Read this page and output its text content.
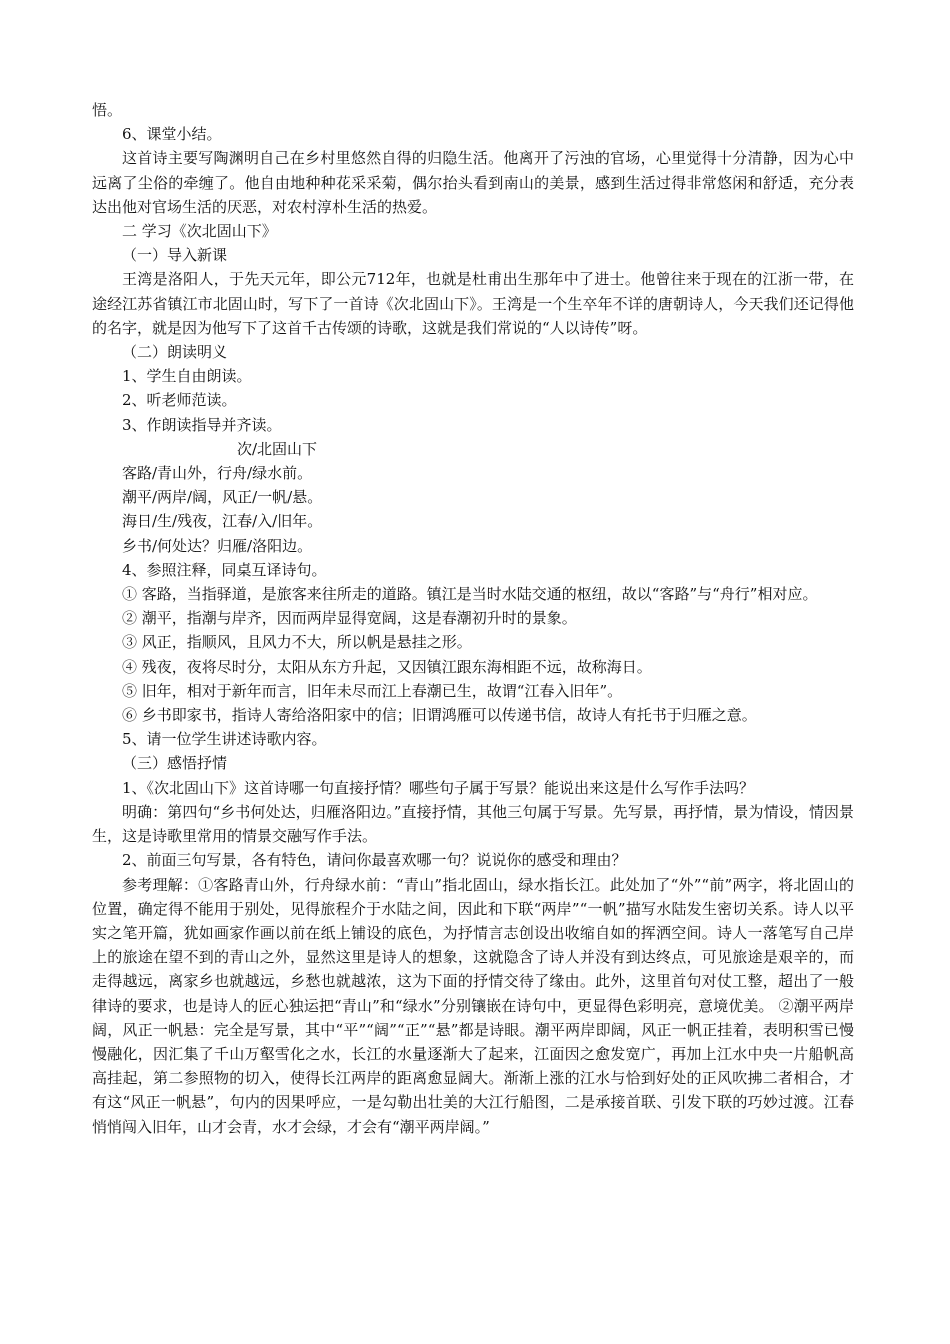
悟。

6、课堂小结。

这首诗主要写陶渊明自己在乡村里悠然自得的归隐生活。他离开了污浊的官场，心里觉得十分清静，因为心中远离了尘俗的牵缠了。他自由地种种花采采菊，偶尔抬头看到南山的美景，感到生活过得非常悠闲和舒适，充分表达出他对官场生活的厌恶，对农村淳朴生活的热爱。

二 学习《次北固山下》

（一）导入新课

王湾是洛阳人，于先天元年，即公元712年，也就是杜甫出生那年中了进士。他曾往来于现在的江浙一带，在途经江苏省镇江市北固山时，写下了一首诗《次北固山下》。王湾是一个生卒年不详的唐朝诗人，今天我们还记得他的名字，就是因为他写下了这首千古传颂的诗歌，这就是我们常说的“人以诗传”呀。

（二）朗读明义

1、学生自由朗读。

2、听老师范读。

3、作朗读指导并齐读。

次/北固山下

客路/青山外，行舟/绿水前。

潮平/两岸/阔，风正/一帆/悬。

海日/生/残夜，江春/入/旧年。

乡书/何处达？归雁/洛阳边。

4、参照注释，同桌互译诗句。

① 客路，当指驿道，是旅客来往所走的道路。镇江是当时水陆交通的枢纽，故以“客路”与“舟行”相对应。

② 潮平，指潮与岸齐，因而两岸显得宽阔，这是春潮初升时的景象。

③ 风正，指顺风，且风力不大，所以帆是悬挂之形。

④ 残夜，夜将尽时分，太阳从东方升起，又因镇江跟东海相距不远，故称海日。

⑤ 旧年，相对于新年而言，旧年未尽而江上春潮已生，故谓“江春入旧年”。

⑥ 乡书即家书，指诗人寄给洛阳家中的信；旧谓鸿雁可以传递书信，故诗人有托书于归雁之意。

5、请一位学生讲述诗歌内容。

（三）感悟抒情

1、《次北固山下》这首诗哪一句直接抒情？哪些句子属于写景？能说出来这是什么写作手法吗？

明确：第四句“乡书何处达，归雁洛阳边。”直接抒情，其他三句属于写景。先写景，再抒情，景为情设，情因景生，这是诗歌里常用的情景交融写作手法。

2、前面三句写景，各有特色，请问你最喜欢哪一句？说说你的感受和理由？

参考理解：①客路青山外，行舟绿水前：“青山”指北固山，绿水指长江。此处加了“外”“前”两字，将北固山的位置，确定得不能用于别处，见得旅程介于水陆之间，因此和下联“两岸”“一帆”描写水陆发生密切关系。诗人以平实之笔开篇，犹如画家作画以前在纸上铺设的底色，为抒情言志创设出收缩自如的挥洒空间。诗人一落笔写自己岸上的旅途在望不到的青山之外，显然这里是诗人的想象，这就隐含了诗人并没有到达终点，可见旅途是艰辛的，而走得越远，离家乡也就越远，乡愁也就越浓，这为下面的抒情交待了缘由。此外，这里首句对仗工整，超出了一般律诗的要求，也是诗人的匠心独运把“青山”和“绿水”分别镶嵌在诗句中，更显得色彩明亮，意境优美。 ②潮平两岸阔，风正一帆悬：完全是写景，其中“平”“阔”“正”“悬”都是诗眼。潮平两岸即阔，风正一帆正挂着，表明积雪已慢慢融化，因汇集了千山万壑雪化之水，长江的水量逐渐大了起来，江面因之愈发宽广，再加上江水中央一片船帆高高挂起，第二参照物的切入，使得长江两岸的距离愈显阔大。渐渐上涨的江水与恰到好处的正风吹拂二者相合，才有这“风正一帆悬”，句内的因果呼应，一是勾勒出壮美的大江行船图，二是承接首联、引发下联的巧妙过渡。江春悄悄闯入旧年，山才会青，水才会绿，才会有“潮平两岸阔。”
